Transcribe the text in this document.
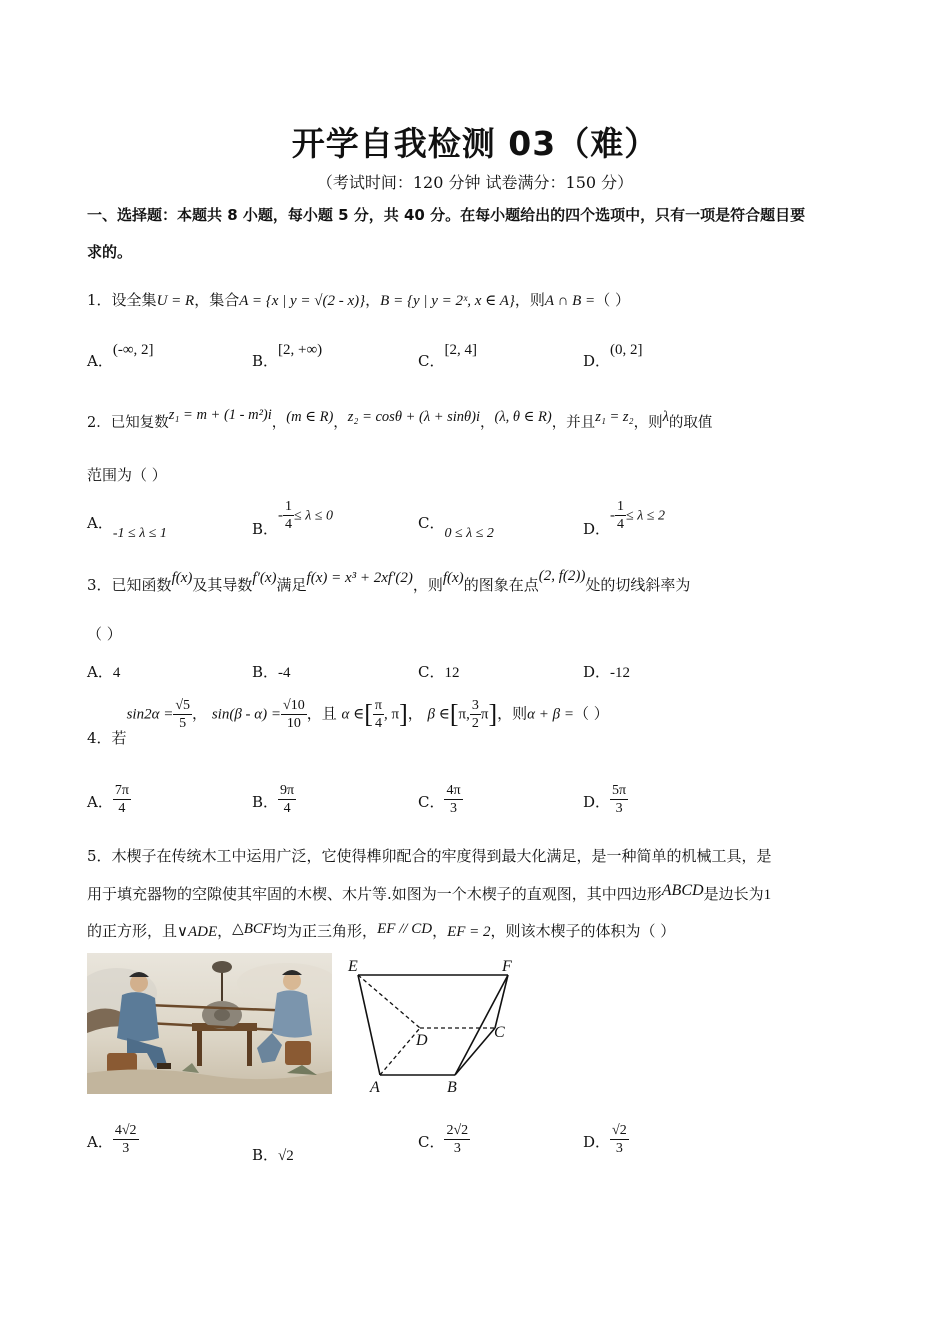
开学自我检测 03（难）
（考试时间：120 分钟 试卷满分：150 分）
一、选择题：本题共 8 小题，每小题 5 分，共 40 分。在每小题给出的四个选项中，只有一项是符合题目要
求的。
1．设全集U = R，集合A = {x | y = √(2 - x)}，B = {y | y = 2ˣ, x ∈ A}，则A ∩ B =（ ）
A．(-∞, 2]
B．[2, +∞)
C．[2, 4]
D．(0, 2]
2．已知复数z₁ = m + (1 - m²)i，(m ∈ R)，z₂ = cosθ + (λ + sinθ)i，(λ, θ ∈ R)，并且z₁ = z₂，则λ的取值
范围为（ ）
A．-1 ≤ λ ≤ 1	B．- $\frac{1}{4} \le \lambda \le 0$	C．0 ≤ λ ≤ 2	D．- $\frac{1}{4} \le \lambda \le 2$
3．已知函数f(x)及其导数f′(x)满足f(x) = x³ + 2xf′(2)，则f(x)的图象在点(2, f(2))处的切线斜率为
（ ）
A．4	B．-4	C．12	D．-12
4．若$\sin 2\alpha = \frac{√5}{5}$ ， $\sin(\beta - \alpha) = \frac{√10}{10}$ ，且 α ∈[ $\frac{\pi}{4}$ , π]， β ∈[π, $\frac{3}{2} \pi$]，则α + β =（ ）
A． $\frac{7\pi}{4}$	B． $\frac{9\pi}{4}$	C． $\frac{4\pi}{3}$	D． $\frac{5\pi}{3}$
5．木楔子在传统木工中运用广泛，它使得榫卯配合的牢度得到最大化满足，是一种简单的机械工具，是
用于填充器物的空隙使其牢固的木楔、木片等.如图为一个木楔子的直观图，其中四边形ABCD是边长为1
的正方形，且∨ADE，△BCF均为正三角形，EF // CD，EF = 2，则该木楔子的体积为（ ）
E	F
D	C
A	B
A． $\frac{4√2}{3}$	B．√2
C． $\frac{2√2}{3}$	D． $\frac{√2}{3}$
